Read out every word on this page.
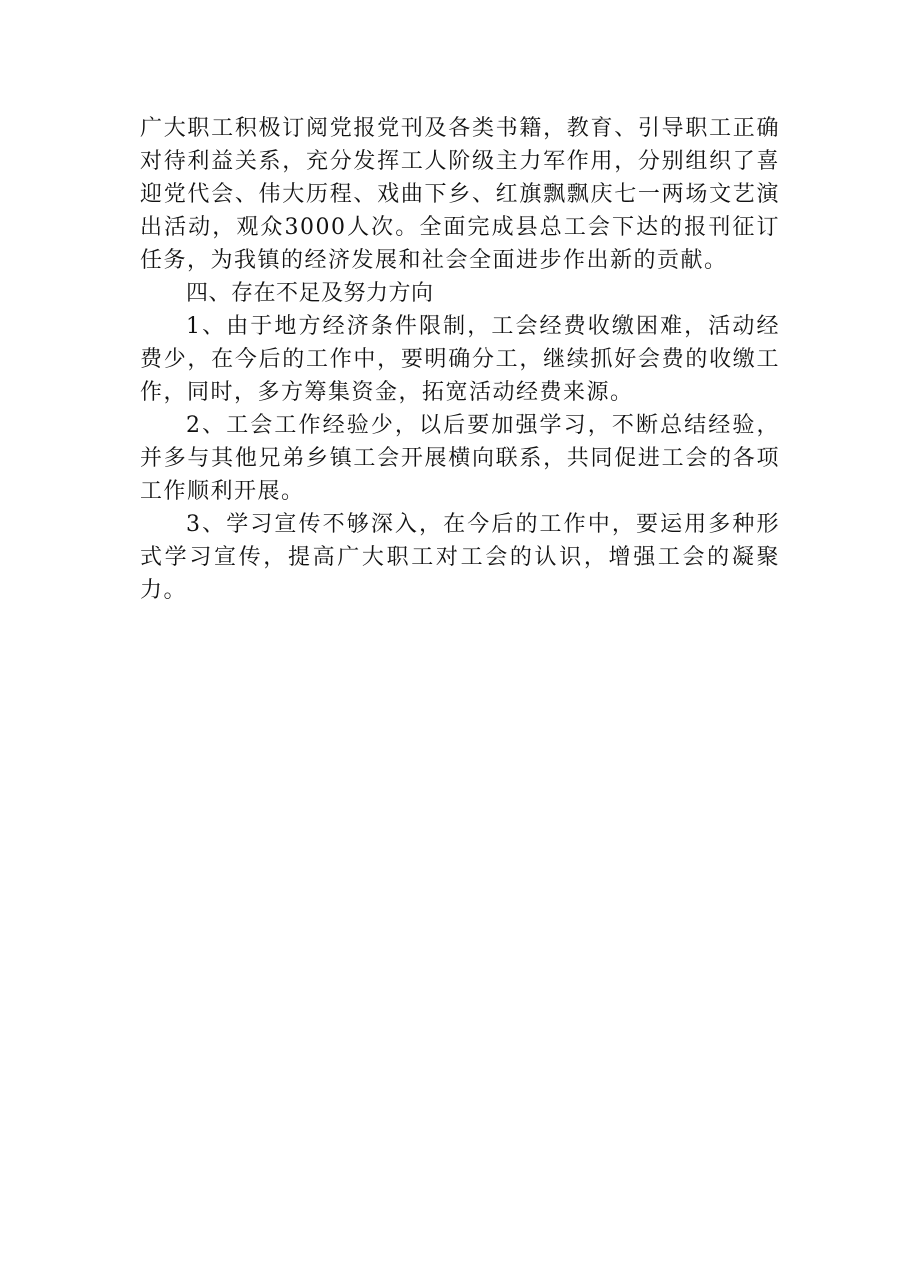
广大职工积极订阅党报党刊及各类书籍，教育、引导职工正确对待利益关系，充分发挥工人阶级主力军作用，分别组织了喜迎党代会、伟大历程、戏曲下乡、红旗飘飘庆七一两场文艺演出活动，观众3000人次。全面完成县总工会下达的报刊征订任务，为我镇的经济发展和社会全面进步作出新的贡献。

四、存在不足及努力方向

1、由于地方经济条件限制，工会经费收缴困难，活动经费少，在今后的工作中，要明确分工，继续抓好会费的收缴工作，同时，多方筹集资金，拓宽活动经费来源。

2、工会工作经验少，以后要加强学习，不断总结经验，并多与其他兄弟乡镇工会开展横向联系，共同促进工会的各项工作顺利开展。

3、学习宣传不够深入，在今后的工作中，要运用多种形式学习宣传，提高广大职工对工会的认识，增强工会的凝聚力。
